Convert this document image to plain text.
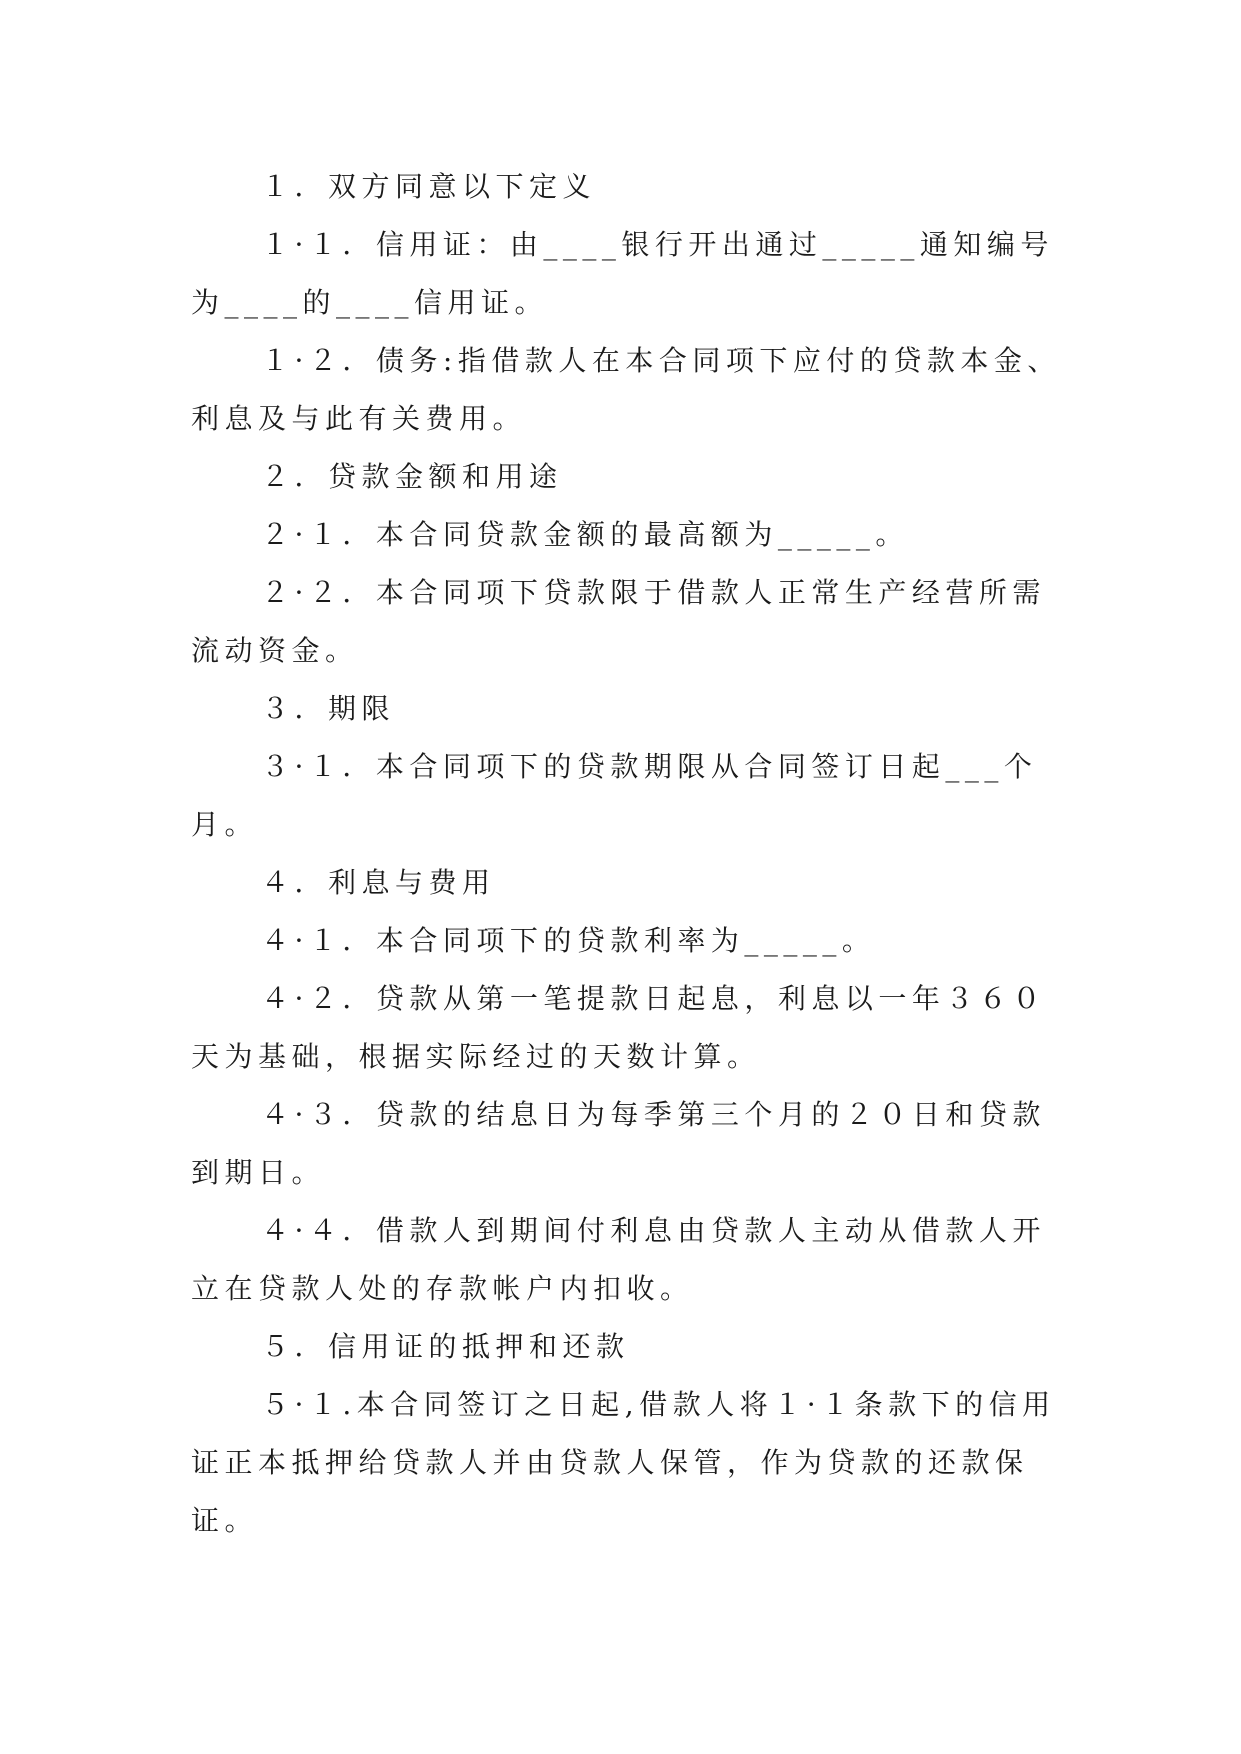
１．双方同意以下定义

１·１．信用证：由____银行开出通过_____通知编号为____的____信用证。

１·２．债务:指借款人在本合同项下应付的贷款本金、利息及与此有关费用。

２．贷款金额和用途

２·１．本合同贷款金额的最高额为_____。

２·２．本合同项下贷款限于借款人正常生产经营所需流动资金。

３．期限

３·１．本合同项下的贷款期限从合同签订日起___个月。

４．利息与费用

４·１．本合同项下的贷款利率为_____。

４·２．贷款从第一笔提款日起息，利息以一年３６０天为基础，根据实际经过的天数计算。

４·３．贷款的结息日为每季第三个月的２０日和贷款到期日。

４·４．借款人到期间付利息由贷款人主动从借款人开立在贷款人处的存款帐户内扣收。

５．信用证的抵押和还款

５·１.本合同签订之日起,借款人将１·１条款下的信用证正本抵押给贷款人并由贷款人保管，作为贷款的还款保证。
